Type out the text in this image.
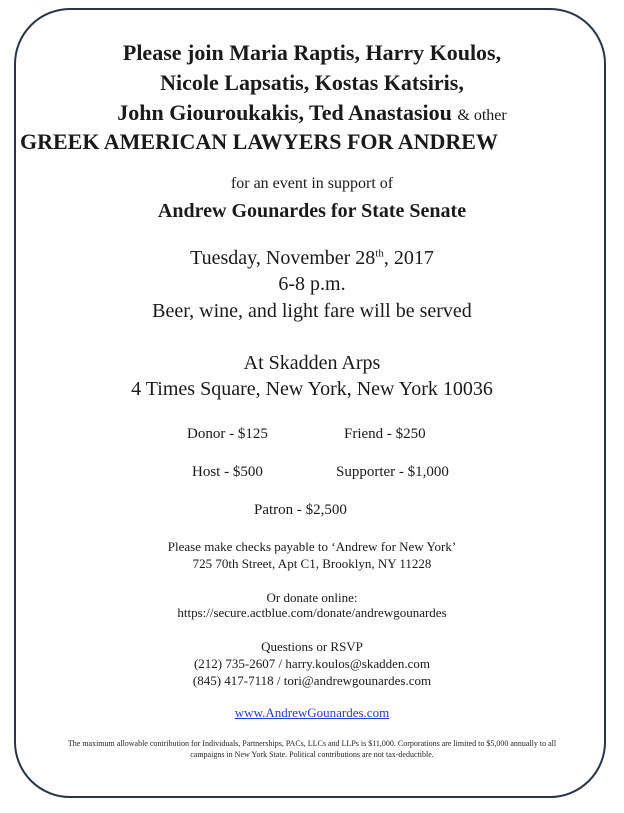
Please join Maria Raptis, Harry Koulos,
Nicole Lapsatis, Kostas Katsiris,
John Giouroukakis, Ted Anastasiou & other
GREEK AMERICAN LAWYERS FOR ANDREW
for an event in support of
Andrew Gounardes for State Senate
Tuesday, November 28th, 2017
6-8 p.m.
Beer, wine, and light fare will be served
At Skadden Arps
4 Times Square, New York, New York 10036
Donor - $125	Friend - $250
Host - $500	Supporter - $1,000
Patron - $2,500
Please make checks payable to ‘Andrew for New York’
725 70th Street, Apt C1, Brooklyn, NY 11228
Or donate online:
https://secure.actblue.com/donate/andrewgounardes
Questions or RSVP
(212) 735-2607 / harry.koulos@skadden.com
(845) 417-7118 / tori@andrewgounardes.com
www.AndrewGounardes.com
The maximum allowable contribution for Individuals, Partnerships, PACs, LLCs and LLPs is $11,000. Corporations are limited to $5,000 annually to all campaigns in New York State. Political contributions are not tax-deductible.
